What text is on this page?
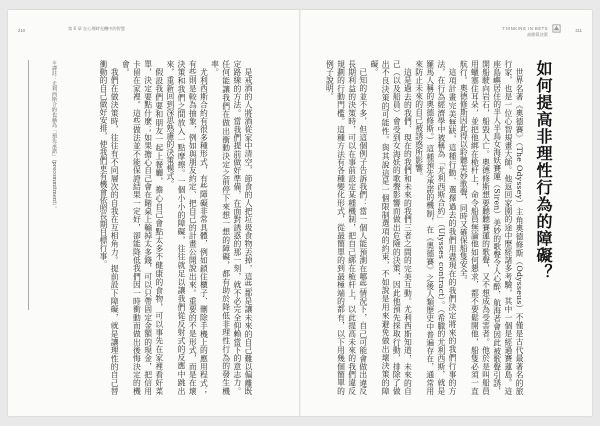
210	第 6 章 在心理時光機中的智慧	THINKING IN BETS
高勝算決策
211
如何提高非理性行為的障礙？

世界名著《奧德賽》（The Odyssey）主角奧德修斯（Odysseus）不僅是古代最著名的旅行家，也是一位心智規畫大師。他返回家園的途中歷經諸多考驗，其中一個是經過賽蓮島。這座島嶼居住的半人半鳥女海妖賽蓮（Siren）美妙的歌聲令人心醉，航海者會因此被歌聲引誘，開船駛向岩石，船毀人亡。奧德修斯想要聽聽賽蓮的歌聲，又不想成為受害者。他於是叫船員用蠟塞住耳朵，並把他綁在桅杆上，命令船員無論他如何懇求，都不要鬆開他，船隻必須一直航行。奧德修斯因此得以聆聽美妙歌聲，同時又確保船隻安全。

這項計畫完美無缺，這種行動、選擇過去的我們用盡現在的我們決定將來的我們行事的方法，在行為經濟學中被稱為「尤利西斯合約」（Ulysses contract）。（希臘的尤利西斯，就是羅馬人稱的奧德修斯。）這種預先承諾的機制，在《奧德賽》之後人類歷史中普遍存在，通常用來防止未來的自己被誘惑所影響。

這是過去的我們、現在的我們和未來的我們三者之間的完美互動。尤利西斯知道，未來的自己（以及船員）會受到女海妖的歌聲影響而做出危險的決策，因此他預先採取行動，排除了做出不良決策的可能性。與其說這是一個限制選項的約束，不如說是用來避免做出壞決策的障礙。

已知的並不多，但這個例子告訴我們：當一個人能預測在哪些情況下，自己可能會做出違反長期利益的決策時，可以在事前設定某種機制，把自己綁在桅杆上，以此提高未來的我們違反規劃的行動門檻。這種方法有各種變化形式，從最簡單的到最極端的都有，以下用幾個簡單的例子說明。

是戒酒的人將酒從家中清空，節食的人把垃圾食物丟掉，這些都是讓未來的自己難以偏離既定路線的方法。當我們提前做好準備，在面對誘惑的那一刻，就不必完全仰賴當下的意志力。任何能讓我們在做出衝動決定之前停下來想一想的障礙，都有助於降低非理性行為的發生機率。

尤利西斯合約有很多種形式，有些障礙非常具體，例如鎖住櫃子、刪除手機上的應用程式；有些則是較為抽象，例如與朋友約定、把自己的計畫公開說出來。重要的不是形式，而是在壞決策和我們之間放入一點摩擦。一個小小的障礙，往往就足以讓我們從反射式的反應中跳出來，重新回到深思熟慮的決策模式。

假設我們要和朋友一起上餐廳，擔心自己會點太多不健康的食物，可以事先在家裡看好菜單，決定要點什麼；如果擔心自己會在賭桌上輸掉太多錢，可以只帶固定金額的現金，把信用卡留在家裡。這些做法並不能保證結果一定好，卻能降低我們因一時衝動而做出後悔決定的機會。

我們在做決策時，往往有不同層次的自我在互相角力。提前設下障礙，就是讓理性的自己替衝動的自己做好安排，使我們更有機會依照長期目標行事。

＊譯註：尤利西斯合約也稱為「預先承諾」（precommitment）。
